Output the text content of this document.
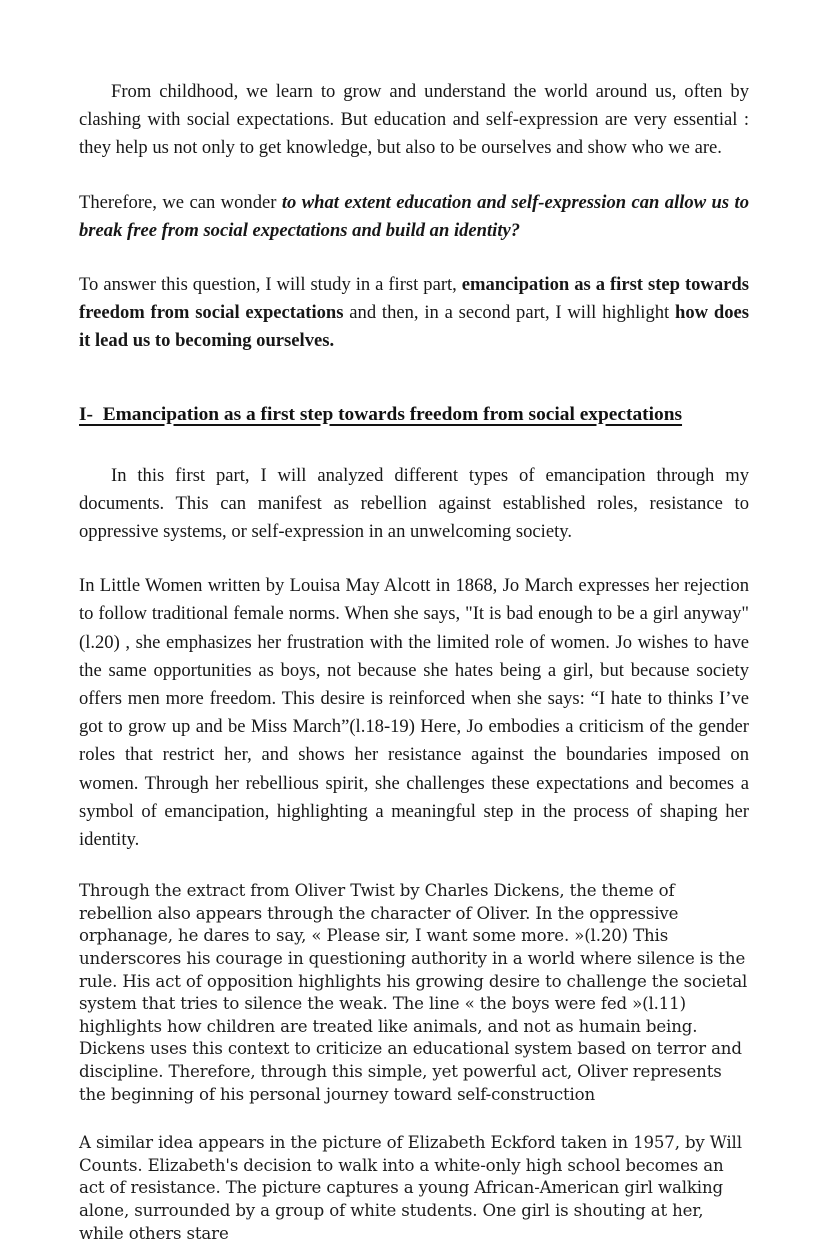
From childhood, we learn to grow and understand the world around us, often by clashing with social expectations. But education and self-expression are very essential : they help us not only to get knowledge, but also to be ourselves and show who we are.

Therefore, we can wonder to what extent education and self-expression can allow us to break free from social expectations and build an identity?

To answer this question, I will study in a first part, emancipation as a first step towards freedom from social expectations and then, in a second part, I will highlight how does it lead us to becoming ourselves.

I-  Emancipation as a first step towards freedom from social expectations

In this first part, I will analyzed different types of emancipation through my documents. This can manifest as rebellion against established roles, resistance to oppressive systems, or self-expression in an unwelcoming society.

In Little Women written by Louisa May Alcott in 1868, Jo March expresses her rejection to follow traditional female norms. When she says, "It is bad enough to be a girl anyway" (l.20) , she emphasizes her frustration with the limited role of women. Jo wishes to have the same opportunities as boys, not because she hates being a girl, but because society offers men more freedom. This desire is reinforced when she says: “I hate to thinks I’ve got to grow up and be Miss March”(l.18-19) Here, Jo embodies a criticism of the gender roles that restrict her, and shows her resistance against the boundaries imposed on women. Through her rebellious spirit, she challenges these expectations and becomes a symbol of emancipation, highlighting a meaningful step in the process of shaping her identity.

Through the extract from Oliver Twist by Charles Dickens, the theme of rebellion also appears through the character of Oliver. In the oppressive orphanage, he dares to say, « Please sir, I want some more. »(l.20) This underscores his courage in questioning authority in a world where silence is the rule. His act of opposition highlights his growing desire to challenge the societal system that tries to silence the weak. The line « the boys were fed »(l.11) highlights how children are treated like animals, and not as humain being. Dickens uses this context to criticize an educational system based on terror and discipline. Therefore, through this simple, yet powerful act, Oliver represents the beginning of his personal journey toward self-construction

A similar idea appears in the picture of Elizabeth Eckford taken in 1957, by Will Counts. Elizabeth's decision to walk into a white-only high school becomes an act of resistance. The picture captures a young African-American girl walking alone, surrounded by a group of white students. One girl is shouting at her, while others stare
